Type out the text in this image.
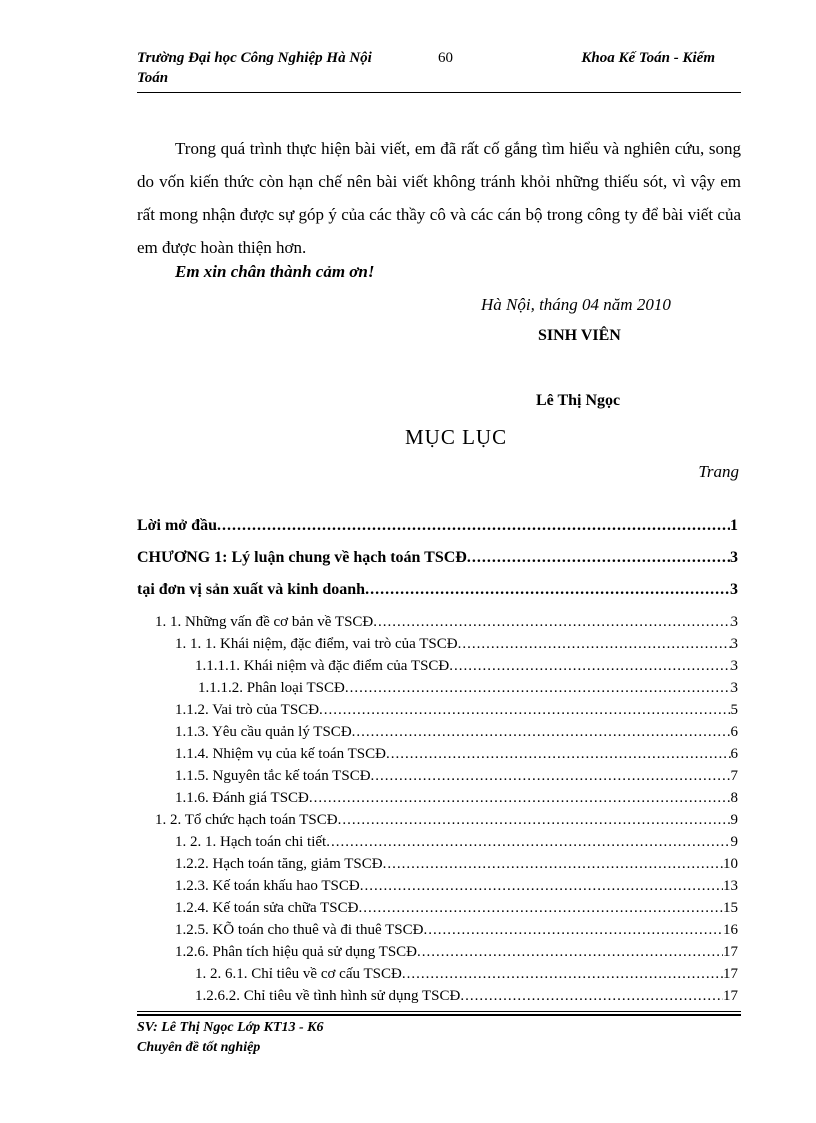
Trường Đại học Công Nghiệp Hà Nội
Toán
60	Khoa Kế Toán - Kiểm

Trong quá trình thực hiện bài viết, em đã rất cố gắng tìm hiểu và nghiên cứu, song do vốn kiến thức còn hạn chế nên bài viết không tránh khỏi những thiếu sót, vì vậy em rất mong nhận được sự góp ý của các thầy cô và các cán bộ trong công ty để bài viết của em được hoàn thiện hơn.

Em xin chân thành cảm ơn!
Hà Nội, tháng 04 năm 2010
SINH VIÊN
Lê Thị Ngọc
MỤC LỤC
Trang
Lời mở đầu .....	1
CHƯƠNG 1: Lý luận chung về hạch toán TSCĐ .....	3
tại đơn vị sản xuất và kinh doanh .....	3
1. 1. Những vấn đề cơ bản về TSCĐ .....	3
1. 1. 1. Khái niệm, đặc điểm, vai trò của TSCĐ .....	3
1.1.1.1. Khái niệm và đặc điểm của TSCĐ .....	3
1.1.1.2. Phân loại TSCĐ .....	3
1.1.2. Vai trò của TSCĐ .....	5
1.1.3. Yêu cầu quản lý TSCĐ .....	6
1.1.4. Nhiệm vụ của kế toán TSCĐ .....	6
1.1.5. Nguyên tắc kế toán TSCĐ .....	7
1.1.6. Đánh giá TSCĐ .....	8
1. 2. Tổ chức hạch toán TSCĐ .....	9
1. 2. 1. Hạch toán chi tiết .....	9
1.2.2. Hạch toán tăng, giảm TSCĐ .....	10
1.2.3. Kế toán khấu hao TSCĐ .....	13
1.2.4. Kế toán sửa chữa TSCĐ .....	15
1.2.5. KÕ toán cho thuê và đi thuê TSCĐ .....	16
1.2.6. Phân tích hiệu quả sử dụng TSCĐ .....	17
1. 2. 6.1. Chỉ tiêu về cơ cấu TSCĐ .....	17
1.2.6.2. Chỉ tiêu về tình hình sử dụng TSCĐ .....	17
SV: Lê Thị Ngọc Lớp KT13 - K6
Chuyên đề tốt nghiệp
